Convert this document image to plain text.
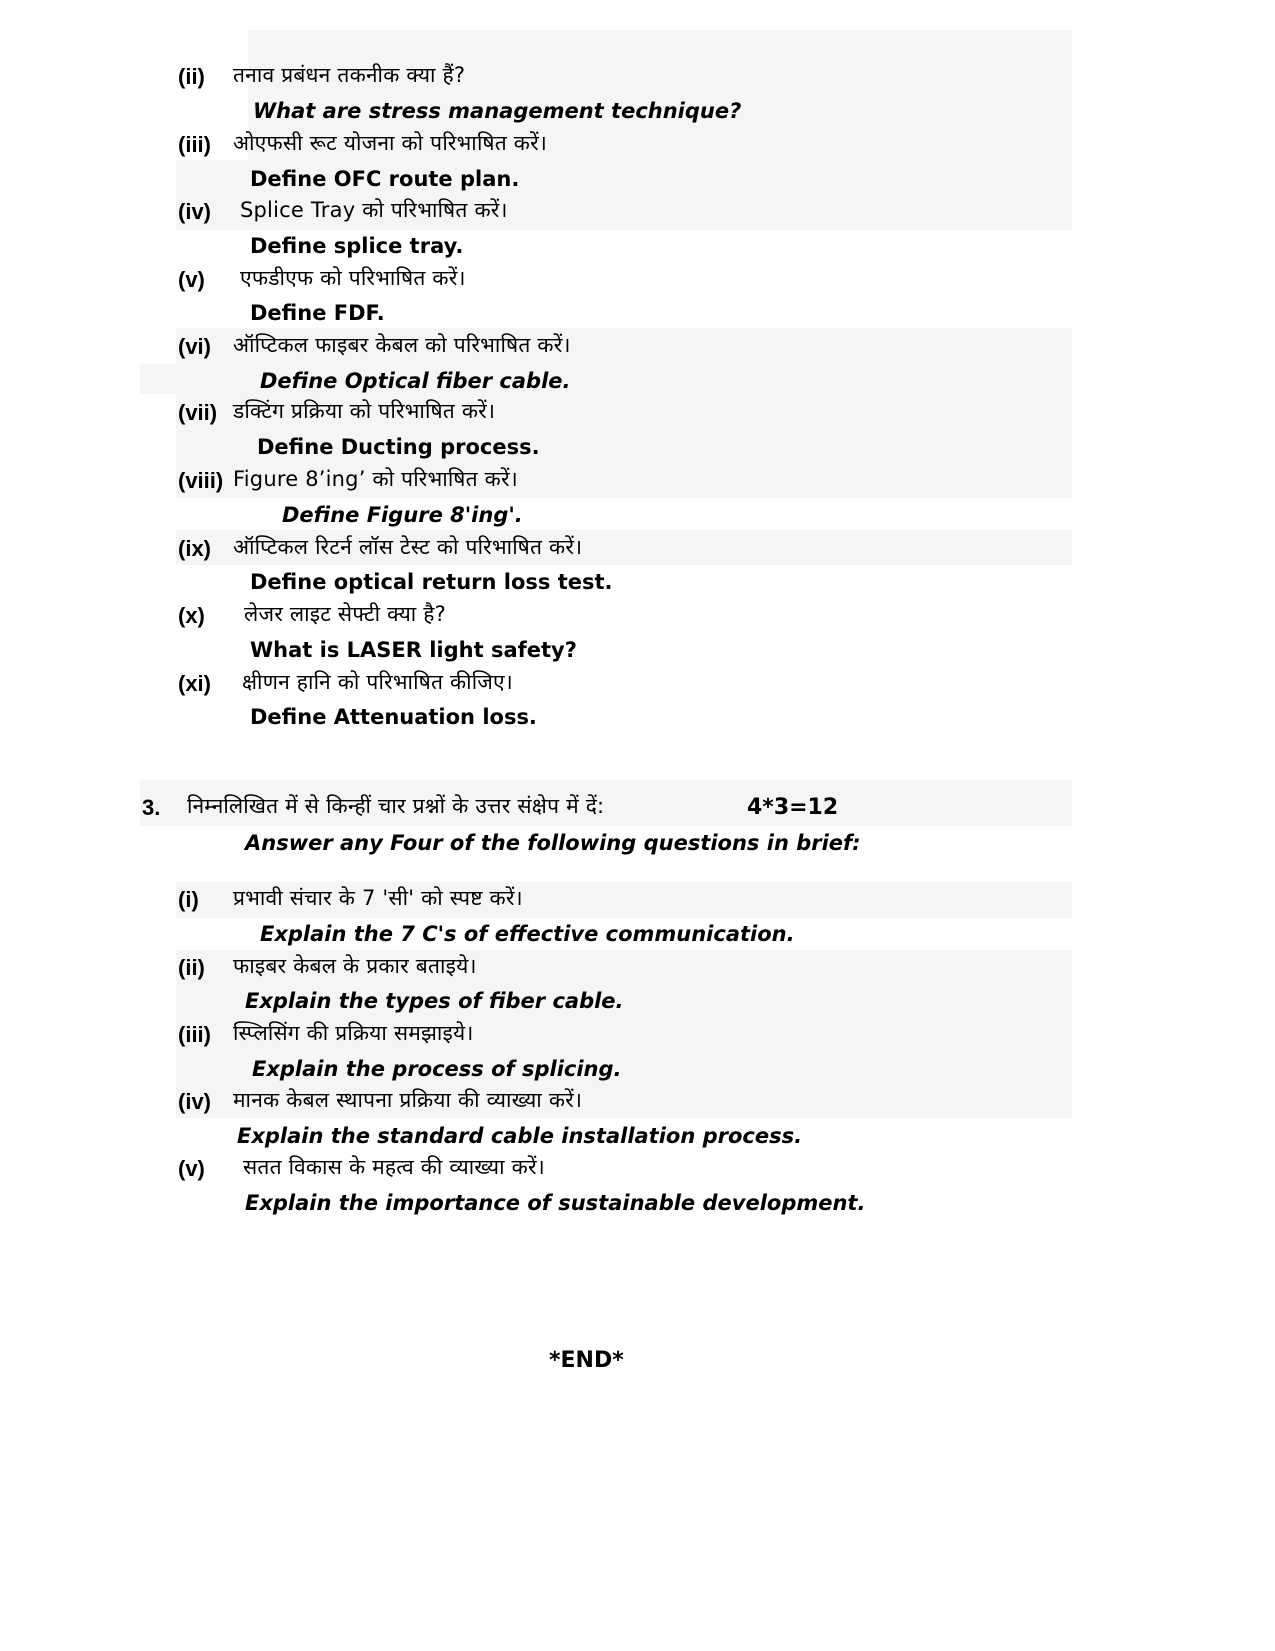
(ii) तनाव प्रबंधन तकनीक क्या हैं?
What are stress management technique?
(iii) ओएफसी रूट योजना को परिभाषित करें।
Define OFC route plan.
(iv) Splice Tray को परिभाषित करें।
Define splice tray.
(v) एफडीएफ को परिभाषित करें।
Define FDF.
(vi) ऑप्टिकल फाइबर केबल को परिभाषित करें।
Define Optical fiber cable.
(vii) डक्टिंग प्रक्रिया को परिभाषित करें।
Define Ducting process.
(viii) Figure 8’ing’ को परिभाषित करें।
Define Figure 8'ing'.
(ix) ऑप्टिकल रिटर्न लॉस टेस्ट को परिभाषित करें।
Define optical return loss test.
(x) लेजर लाइट सेफ्टी क्या है?
What is LASER light safety?
(xi) क्षीणन हानि को परिभाषित कीजिए।
Define Attenuation loss.
3. निम्नलिखित में से किन्हीं चार प्रश्नों के उत्तर संक्षेप में दें:	4*3=12
Answer any Four of the following questions in brief:
(i) प्रभावी संचार के 7 'सी' को स्पष्ट करें।
Explain the 7 C's of effective communication.
(ii) फाइबर केबल के प्रकार बताइये।
Explain the types of fiber cable.
(iii) स्प्लिसिंग की प्रक्रिया समझाइये।
Explain the process of splicing.
(iv) मानक केबल स्थापना प्रक्रिया की व्याख्या करें।
Explain the standard cable installation process.
(v) सतत विकास के महत्व की व्याख्या करें।
Explain the importance of sustainable development.
*END*
